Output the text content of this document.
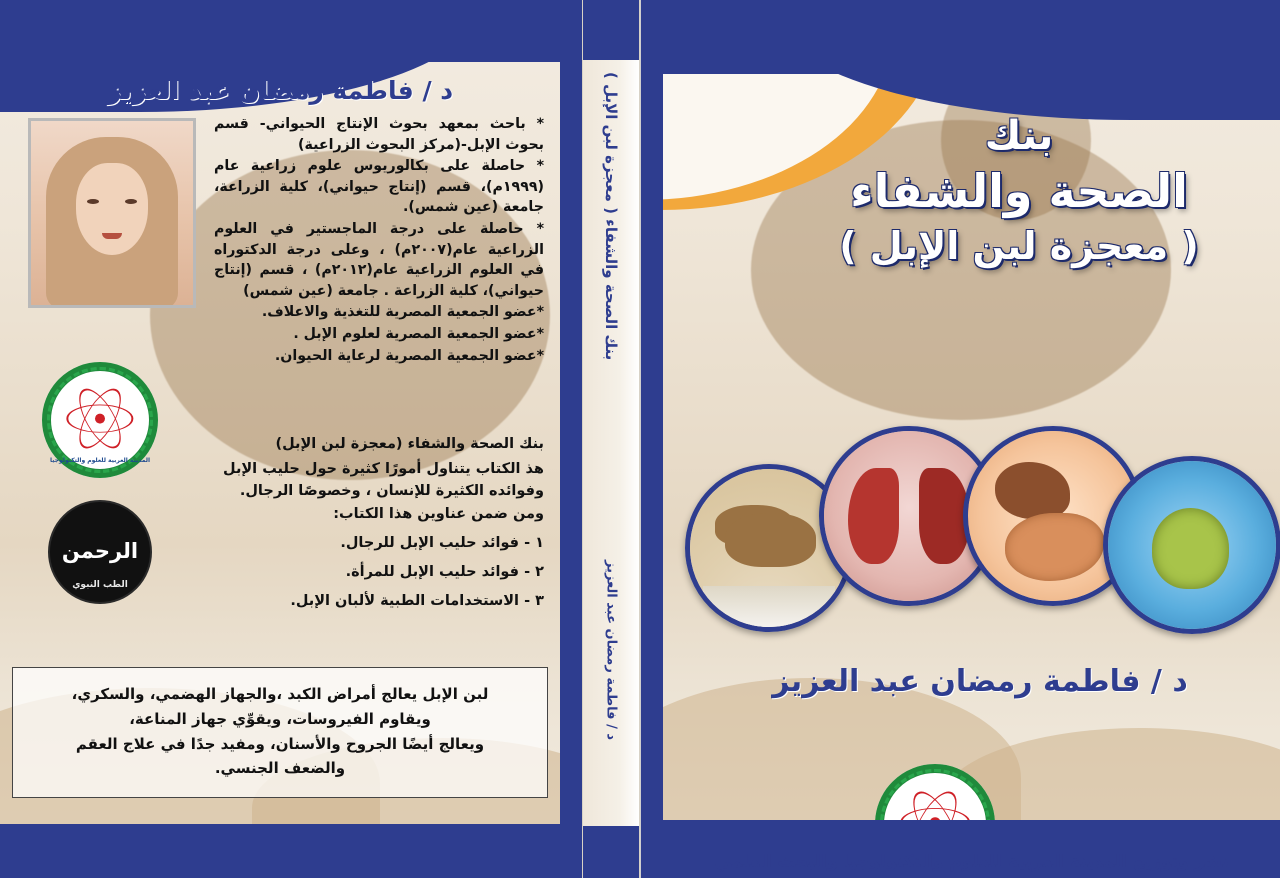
بنك
الصحة والشفاء
( معجزة لبن الإبل )
د / فاطمة رمضان عبد العزيز
نشر وتوزيع المدينة العربية للعلوم والتكنولوجيا والبحث العلمي
بنك الصحة والشفاء ( معجزة لبن الإبل )
د / فاطمة رمضان عبد العزيز
د / فاطمة رمضان عبد العزيز

* باحث بمعهد بحوث الإنتاج الحيواني- قسم بحوث الإبل-(مركز البحوث الزراعية)

* حاصلة على بكالوريوس علوم زراعية عام (١٩٩٩م)، قسم (إنتاج حيواني)، كلية الزراعة، جامعة (عين شمس).

* حاصلة على درجة الماجستير في العلوم الزراعية عام(٢٠٠٧م) ، وعلى درجة الدكتوراه في العلوم الزراعية عام(٢٠١٢م) ، قسم (إنتاج حيواني)، كلية الزراعة . جامعة (عين شمس)

*عضو الجمعية المصرية للتغذية والاعلاف.

*عضو الجمعية المصرية لعلوم الإبل .

*عضو الجمعية المصرية لرعاية الحيوان.

المدينة العربية للعلوم والتكنولوجيا
الرحمن
الطب النبوي

بنك الصحة والشفاء (معجزة لبن الإبل)

هذ الكتاب يتناول أمورًا كثيرة حول حليب الإبل وفوائده الكثيرة للإنسان ، وخصوصًا الرجال.

ومن ضمن عناوين هذا الكتاب:

١ - فوائد حليب الإبل للرجال.

٢ - فوائد حليب الإبل للمرأة.

٣ - الاستخدامات الطبية لألبان الإبل.

لبن الإبل يعالج أمراض الكبد ،والجهاز الهضمي، والسكري،
ويقاوم الفيروسات، ويقوِّي جهاز المناعة،
ويعالج أيضًا الجروح والأسنان، ومفيد جدًا في علاج العقم
والضعف الجنسي.
